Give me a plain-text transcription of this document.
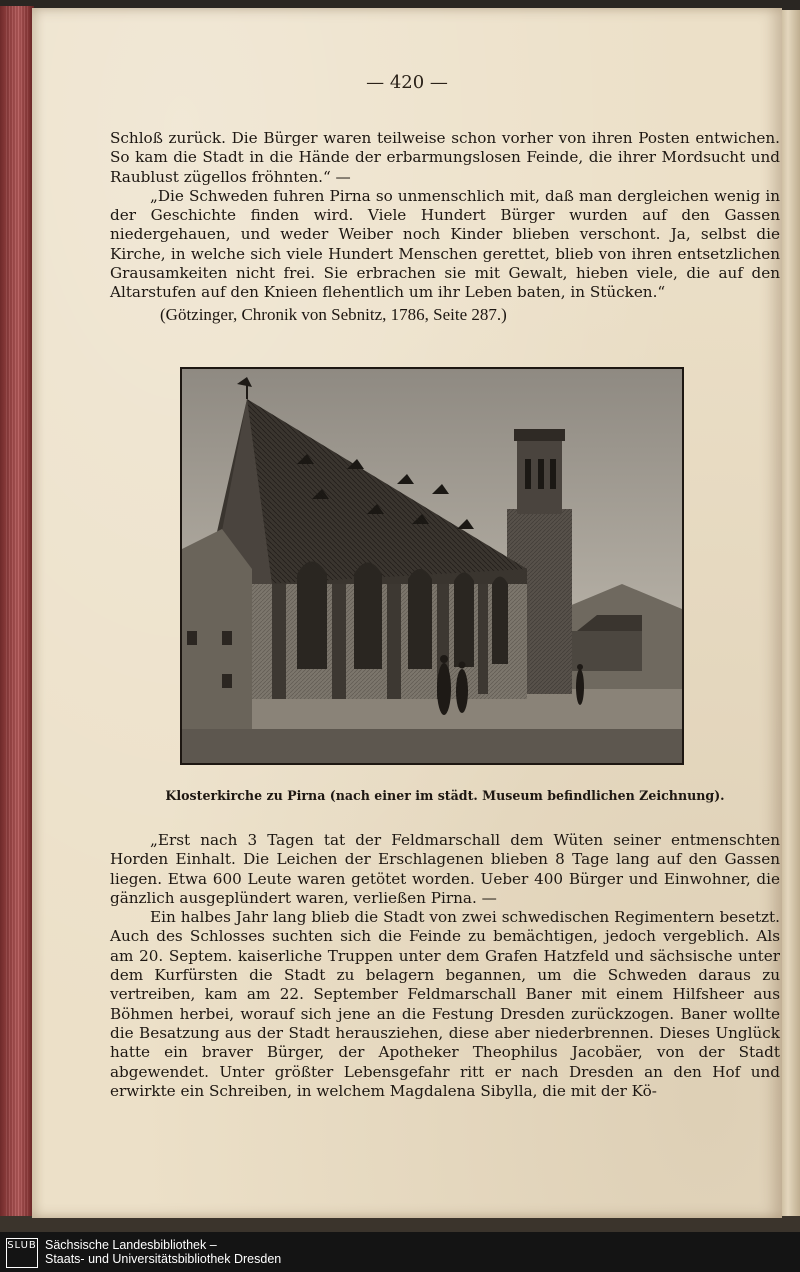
— 420 —

Schloß zurück. Die Bürger waren teilweise schon vorher von ihren Posten entwichen. So kam die Stadt in die Hände der erbarmungslosen Feinde, die ihrer Mordsucht und Raublust zügellos fröhnten.“ —

„Die Schweden fuhren Pirna so unmenschlich mit, daß man dergleichen wenig in der Geschichte finden wird. Viele Hundert Bürger wurden auf den Gassen niedergehauen, und weder Weiber noch Kinder blieben verschont. Ja, selbst die Kirche, in welche sich viele Hundert Menschen gerettet, blieb von ihren entsetzlichen Grausamkeiten nicht frei. Sie erbrachen sie mit Gewalt, hieben viele, die auf den Altarstufen auf den Knieen flehentlich um ihr Leben baten, in Stücken.“

(Götzinger, Chronik von Sebnitz, 1786, Seite 287.)

Klosterkirche zu Pirna (nach einer im städt. Museum befindlichen Zeichnung).

„Erst nach 3 Tagen tat der Feldmarschall dem Wüten seiner entmenschten Horden Einhalt. Die Leichen der Erschlagenen blieben 8 Tage lang auf den Gassen liegen. Etwa 600 Leute waren getötet worden. Ueber 400 Bürger und Einwohner, die gänzlich ausgeplündert waren, verließen Pirna. —

Ein halbes Jahr lang blieb die Stadt von zwei schwedischen Regimentern besetzt. Auch des Schlosses suchten sich die Feinde zu bemächtigen, jedoch vergeblich. Als am 20. Septem. kaiserliche Truppen unter dem Grafen Hatzfeld und sächsische unter dem Kurfürsten die Stadt zu belagern begannen, um die Schweden daraus zu vertreiben, kam am 22. September Feldmarschall Baner mit einem Hilfsheer aus Böhmen herbei, worauf sich jene an die Festung Dresden zurückzogen. Baner wollte die Besatzung aus der Stadt herausziehen, diese aber niederbrennen. Dieses Unglück hatte ein braver Bürger, der Apotheker Theophilus Jacobäer, von der Stadt abgewendet. Unter größter Lebensgefahr ritt er nach Dresden an den Hof und erwirkte ein Schreiben, in welchem Magdalena Sibylla, die mit der Kö-

SLUB Sächsische Landesbibliothek –
Staats- und Universitätsbibliothek Dresden
